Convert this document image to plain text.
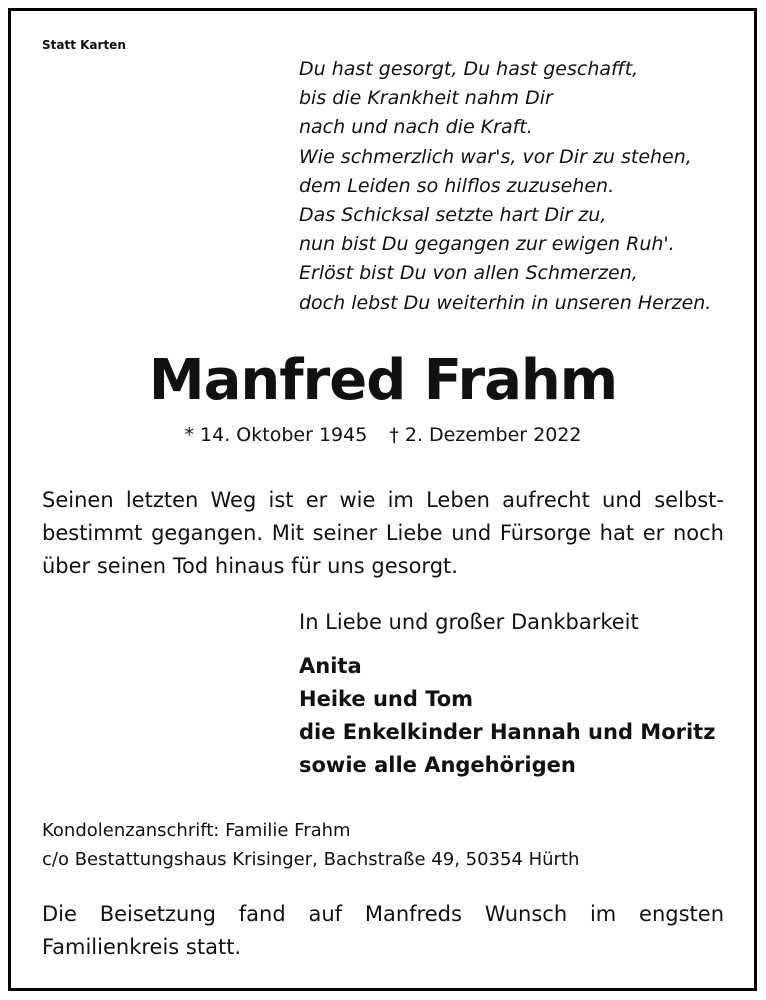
Statt Karten
Du hast gesorgt, Du hast geschafft,
bis die Krankheit nahm Dir
nach und nach die Kraft.
Wie schmerzlich war's, vor Dir zu stehen,
dem Leiden so hilflos zuzusehen.
Das Schicksal setzte hart Dir zu,
nun bist Du gegangen zur ewigen Ruh'.
Erlöst bist Du von allen Schmerzen,
doch lebst Du weiterhin in unseren Herzen.
Manfred Frahm
* 14. Oktober 1945 † 2. Dezember 2022
Seinen letzten Weg ist er wie im Leben aufrecht und selbst-
bestimmt gegangen. Mit seiner Liebe und Fürsorge hat er noch
über seinen Tod hinaus für uns gesorgt.
In Liebe und großer Dankbarkeit
Anita
Heike und Tom
die Enkelkinder Hannah und Moritz
sowie alle Angehörigen
Kondolenzanschrift: Familie Frahm
c/o Bestattungshaus Krisinger, Bachstraße 49, 50354 Hürth
Die Beisetzung fand auf Manfreds Wunsch im engsten
Familienkreis statt.
